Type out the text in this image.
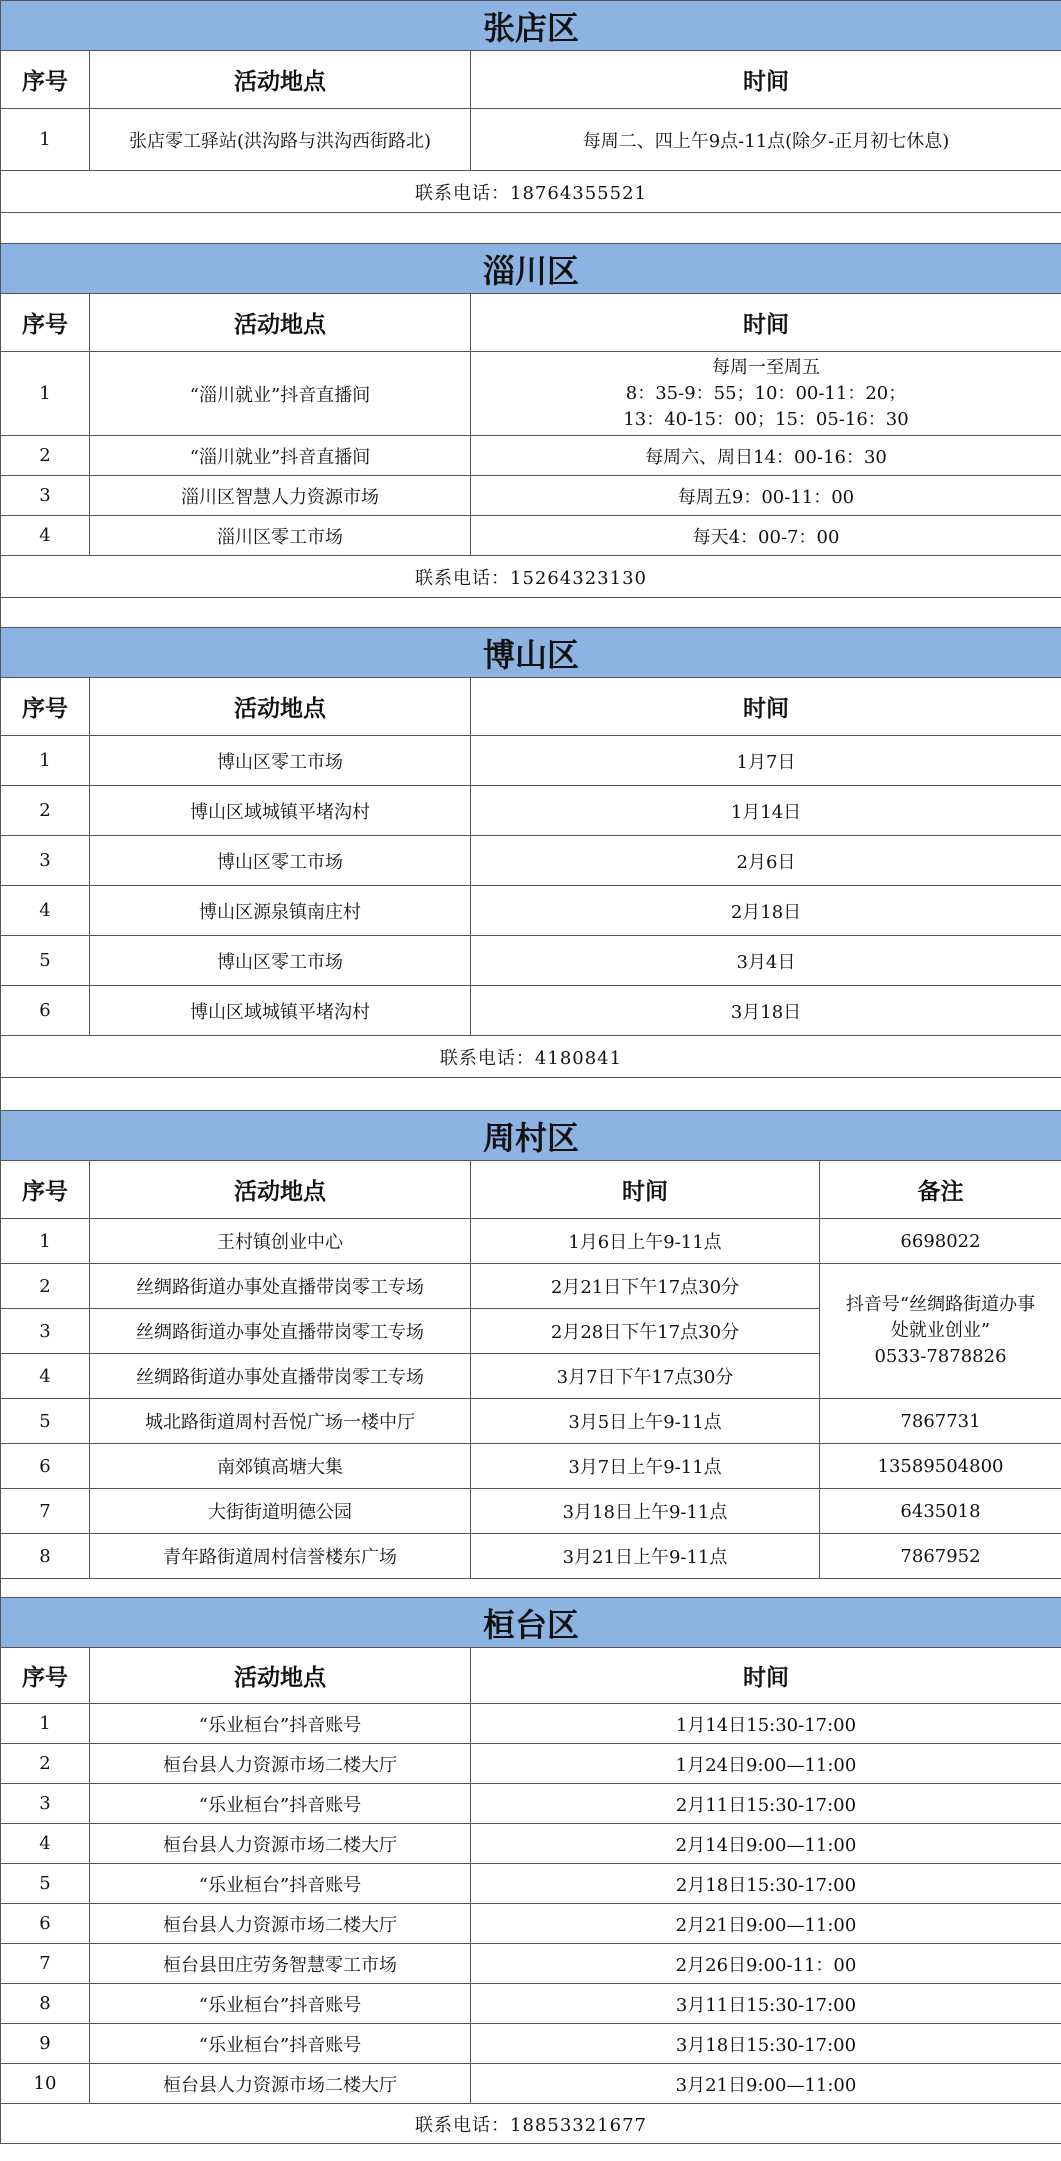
张店区			
序号	活动地点	时间	
1	张店零工驿站(洪沟路与洪沟西街路北)	每周二、四上午9点-11点(除夕-正月初七休息)	
联系电话：18764355521			

淄川区			
序号	活动地点	时间	
1	“淄川就业”抖音直播间	每周一至周五
8：35-9：55；10：00-11：20；
13：40-15：00；15：05-16：30	
2	“淄川就业”抖音直播间	每周六、周日14：00-16：30	
3	淄川区智慧人力资源市场	每周五9：00-11：00	
4	淄川区零工市场	每天4：00-7：00	
联系电话：15264323130			

博山区			
序号	活动地点	时间	
1	博山区零工市场	1月7日	
2	博山区域城镇平堵沟村	1月14日	
3	博山区零工市场	2月6日	
4	博山区源泉镇南庄村	2月18日	
5	博山区零工市场	3月4日	
6	博山区域城镇平堵沟村	3月18日	
联系电话：4180841			

周村区			
序号	活动地点	时间	备注
1	王村镇创业中心	1月6日上午9-11点	6698022
2	丝绸路街道办事处直播带岗零工专场	2月21日下午17点30分	抖音号“丝绸路街道办事
处就业创业”
0533-7878826
3	丝绸路街道办事处直播带岗零工专场	2月28日下午17点30分	
4	丝绸路街道办事处直播带岗零工专场	3月7日下午17点30分	
5	城北路街道周村吾悦广场一楼中厅	3月5日上午9-11点	7867731
6	南郊镇高塘大集	3月7日上午9-11点	13589504800
7	大街街道明德公园	3月18日上午9-11点	6435018
8	青年路街道周村信誉楼东广场	3月21日上午9-11点	7867952

桓台区			
序号	活动地点	时间	
1	“乐业桓台”抖音账号	1月14日15:30-17:00	
2	桓台县人力资源市场二楼大厅	1月24日9:00—11:00	
3	“乐业桓台”抖音账号	2月11日15:30-17:00	
4	桓台县人力资源市场二楼大厅	2月14日9:00—11:00	
5	“乐业桓台”抖音账号	2月18日15:30-17:00	
6	桓台县人力资源市场二楼大厅	2月21日9:00—11:00	
7	桓台县田庄劳务智慧零工市场	2月26日9:00-11：00	
8	“乐业桓台”抖音账号	3月11日15:30-17:00	
9	“乐业桓台”抖音账号	3月18日15:30-17:00	
10	桓台县人力资源市场二楼大厅	3月21日9:00—11:00	
联系电话：18853321677			
